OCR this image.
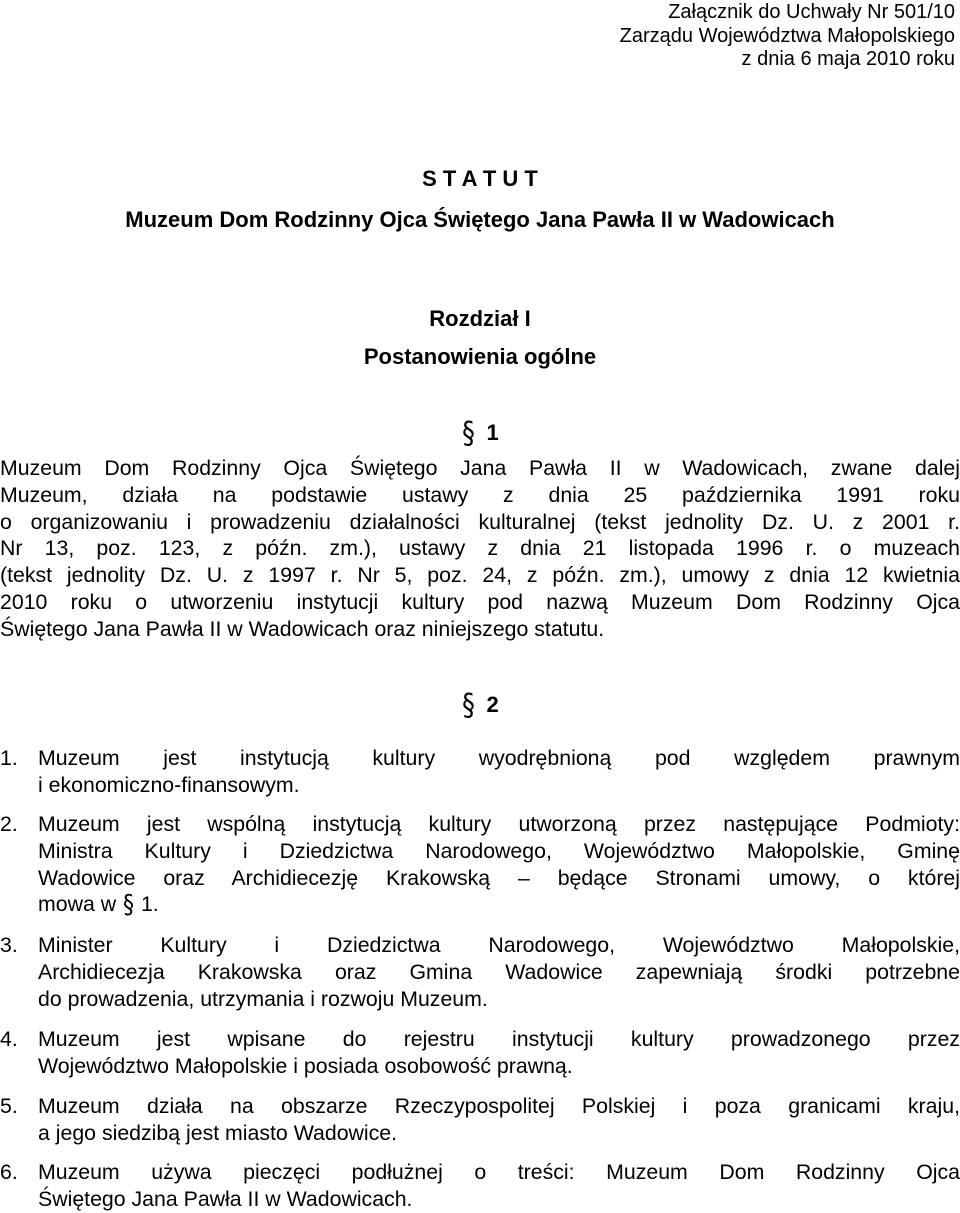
Załącznik do Uchwały Nr 501/10
Zarządu Województwa Małopolskiego
z dnia 6 maja 2010 roku
S T A T U T
Muzeum Dom Rodzinny Ojca Świętego Jana Pawła II w Wadowicach
Rozdział I
Postanowienia ogólne
§ 1
Muzeum Dom Rodzinny Ojca Świętego Jana Pawła II w Wadowicach, zwane dalej
Muzeum, działa na podstawie ustawy z dnia 25 października 1991 roku
o organizowaniu i prowadzeniu działalności kulturalnej (tekst jednolity Dz. U. z 2001 r.
Nr 13, poz. 123, z późn. zm.), ustawy z dnia 21 listopada 1996 r. o muzeach
(tekst jednolity Dz. U. z 1997 r. Nr 5, poz. 24, z późn. zm.), umowy z dnia 12 kwietnia
2010 roku o utworzeniu instytucji kultury pod nazwą Muzeum Dom Rodzinny Ojca
Świętego Jana Pawła II w Wadowicach oraz niniejszego statutu.
§ 2
1. Muzeum jest instytucją kultury wyodrębnioną pod względem prawnym
i ekonomiczno-finansowym.
2. Muzeum jest wspólną instytucją kultury utworzoną przez następujące Podmioty:
Ministra Kultury i Dziedzictwa Narodowego, Województwo Małopolskie, Gminę
Wadowice oraz Archidiecezję Krakowską – będące Stronami umowy, o której
mowa w § 1.
3. Minister Kultury i Dziedzictwa Narodowego, Województwo Małopolskie,
Archidiecezja Krakowska oraz Gmina Wadowice zapewniają środki potrzebne
do prowadzenia, utrzymania i rozwoju Muzeum.
4. Muzeum jest wpisane do rejestru instytucji kultury prowadzonego przez
Województwo Małopolskie i posiada osobowość prawną.
5. Muzeum działa na obszarze Rzeczypospolitej Polskiej i poza granicami kraju,
a jego siedzibą jest miasto Wadowice.
6. Muzeum używa pieczęci podłużnej o treści: Muzeum Dom Rodzinny Ojca
Świętego Jana Pawła II w Wadowicach.
